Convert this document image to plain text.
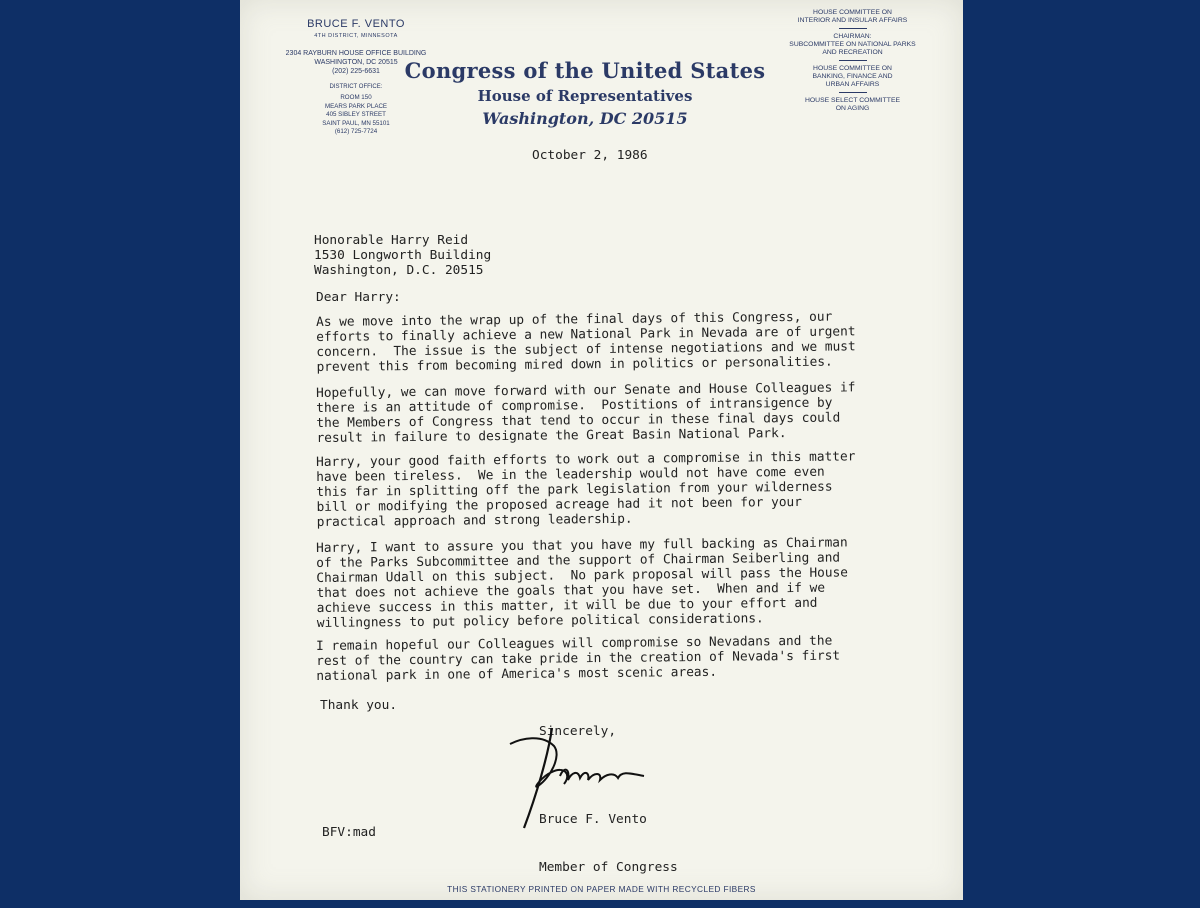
BRUCE F. VENTO
4TH DISTRICT, MINNESOTA
2304 RAYBURN HOUSE OFFICE BUILDING
WASHINGTON, DC 20515
(202) 225-6631
DISTRICT OFFICE:
ROOM 150
MEARS PARK PLACE
405 SIBLEY STREET
SAINT PAUL, MN 55101
(612) 725-7724
Congress of the United States
House of Representatives
Washington, DC 20515
HOUSE COMMITTEE ON
INTERIOR AND INSULAR AFFAIRS
CHAIRMAN:
SUBCOMMITTEE ON NATIONAL PARKS
AND RECREATION
HOUSE COMMITTEE ON
BANKING, FINANCE AND
URBAN AFFAIRS
HOUSE SELECT COMMITTEE
ON AGING
October 2, 1986
Honorable Harry Reid
1530 Longworth Building
Washington, D.C. 20515
Dear Harry:
As we move into the wrap up of the final days of this Congress, our
efforts to finally achieve a new National Park in Nevada are of urgent
concern.  The issue is the subject of intense negotiations and we must
prevent this from becoming mired down in politics or personalities.
Hopefully, we can move forward with our Senate and House Colleagues if
there is an attitude of compromise.  Postitions of intransigence by
the Members of Congress that tend to occur in these final days could
result in failure to designate the Great Basin National Park.
Harry, your good faith efforts to work out a compromise in this matter
have been tireless.  We in the leadership would not have come even
this far in splitting off the park legislation from your wilderness
bill or modifying the proposed acreage had it not been for your
practical approach and strong leadership.
Harry, I want to assure you that you have my full backing as Chairman
of the Parks Subcommittee and the support of Chairman Seiberling and
Chairman Udall on this subject.  No park proposal will pass the House
that does not achieve the goals that you have set.  When and if we
achieve success in this matter, it will be due to your effort and
willingness to put policy before political considerations.
I remain hopeful our Colleagues will compromise so Nevadans and the
rest of the country can take pride in the creation of Nevada's first
national park in one of America's most scenic areas.
Thank you.
Sincerely,

Bruce F. Vento

Member of Congress

BFV:mad
THIS STATIONERY PRINTED ON PAPER MADE WITH RECYCLED FIBERS
